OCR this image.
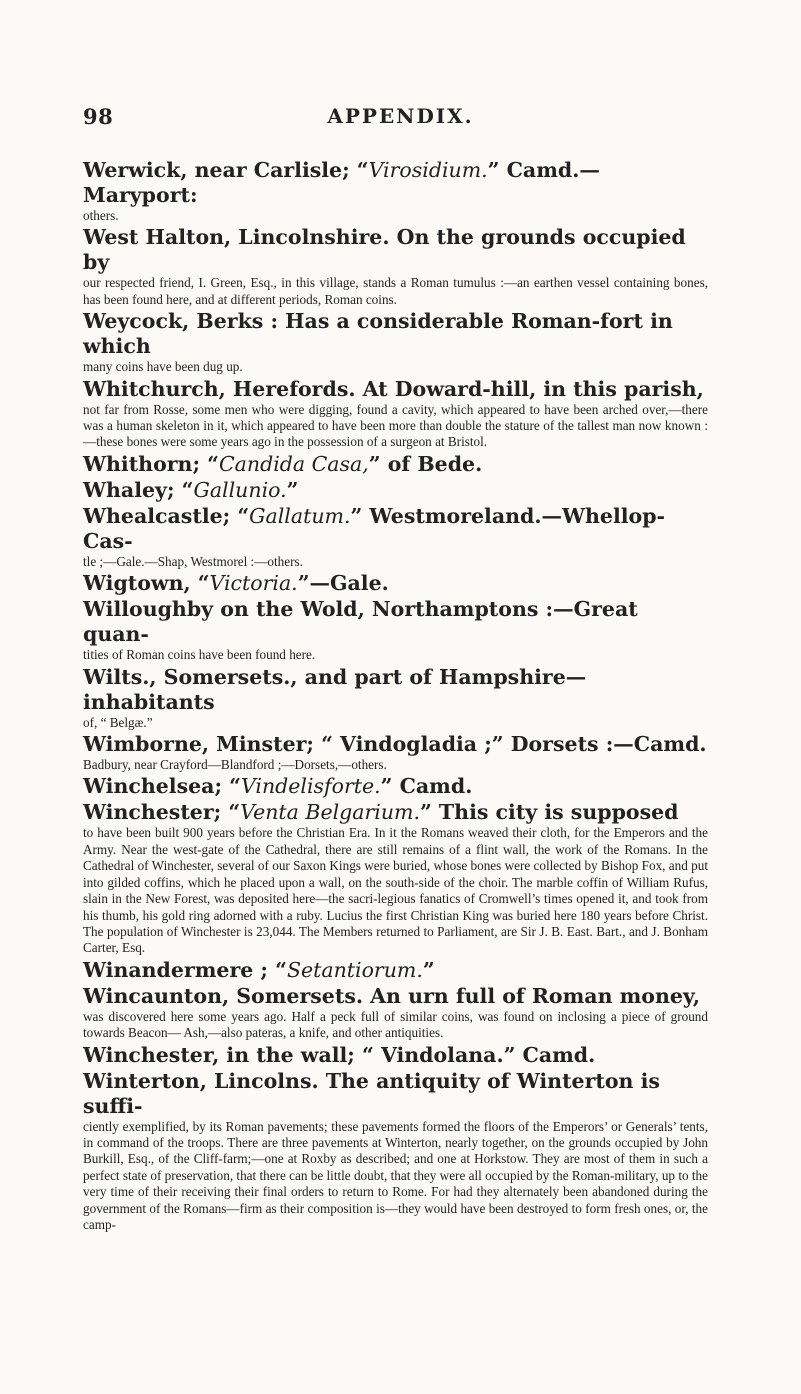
98	APPENDIX.
Werwick, near Carlisle; “Virosidium.” Camd.—Maryport:
others.
West Halton, Lincolnshire. On the grounds occupied by
our respected friend, I. Green, Esq., in this village, stands a Roman tumulus :—an earthen vessel containing bones, has been found here, and at different periods, Roman coins.
Weycock, Berks : Has a considerable Roman-fort in which
many coins have been dug up.
Whitchurch, Herefords. At Doward-hill, in this parish,
not far from Rosse, some men who were digging, found a cavity, which appeared to have been arched over,—there was a human skeleton in it, which appeared to have been more than double the stature of the tallest man now known :—these bones were some years ago in the possession of a surgeon at Bristol.
Whithorn; “Candida Casa,” of Bede.
Whaley; “Gallunio.”
Whealcastle; “Gallatum.” Westmoreland.—Whellop-Cas-
tle ;—Gale.—Shap, Westmorel :—others.
Wigtown, “Victoria.”—Gale.
Willoughby on the Wold, Northamptons :—Great quan-
tities of Roman coins have been found here.
Wilts., Somersets., and part of Hampshire—inhabitants
of, “ Belgæ.”
Wimborne, Minster; “ Vindogladia ;” Dorsets :—Camd.
Badbury, near Crayford—Blandford ;—Dorsets,—others.
Winchelsea; “Vindelisforte.” Camd.
Winchester; “Venta Belgarium.” This city is supposed
to have been built 900 years before the Christian Era. In it the Romans weaved their cloth, for the Emperors and the Army. Near the west-gate of the Cathedral, there are still remains of a flint wall, the work of the Romans. In the Cathedral of Winchester, several of our Saxon Kings were buried, whose bones were collected by Bishop Fox, and put into gilded coffins, which he placed upon a wall, on the south-side of the choir. The marble coffin of William Rufus, slain in the New Forest, was deposited here—the sacri-legious fanatics of Cromwell’s times opened it, and took from his thumb, his gold ring adorned with a ruby. Lucius the first Christian King was buried here 180 years before Christ. The population of Winchester is 23,044. The Members returned to Parliament, are Sir J. B. East. Bart., and J. Bonham Carter, Esq.
Winandermere ; “Setantiorum.”
Wincaunton, Somersets. An urn full of Roman money,
was discovered here some years ago. Half a peck full of similar coins, was found on inclosing a piece of ground towards Beacon— Ash,—also pateras, a knife, and other antiquities.
Winchester, in the wall; “ Vindolana.” Camd.
Winterton, Lincolns. The antiquity of Winterton is suffi-
ciently exemplified, by its Roman pavements; these pavements formed the floors of the Emperors’ or Generals’ tents, in command of the troops. There are three pavements at Winterton, nearly together, on the grounds occupied by John Burkill, Esq., of the Cliff-farm;—one at Roxby as described; and one at Horkstow. They are most of them in such a perfect state of preservation, that there can be little doubt, that they were all occupied by the Roman-military, up to the very time of their receiving their final orders to return to Rome. For had they alternately been abandoned during the government of the Romans—firm as their composition is—they would have been destroyed to form fresh ones, or, the camp-
